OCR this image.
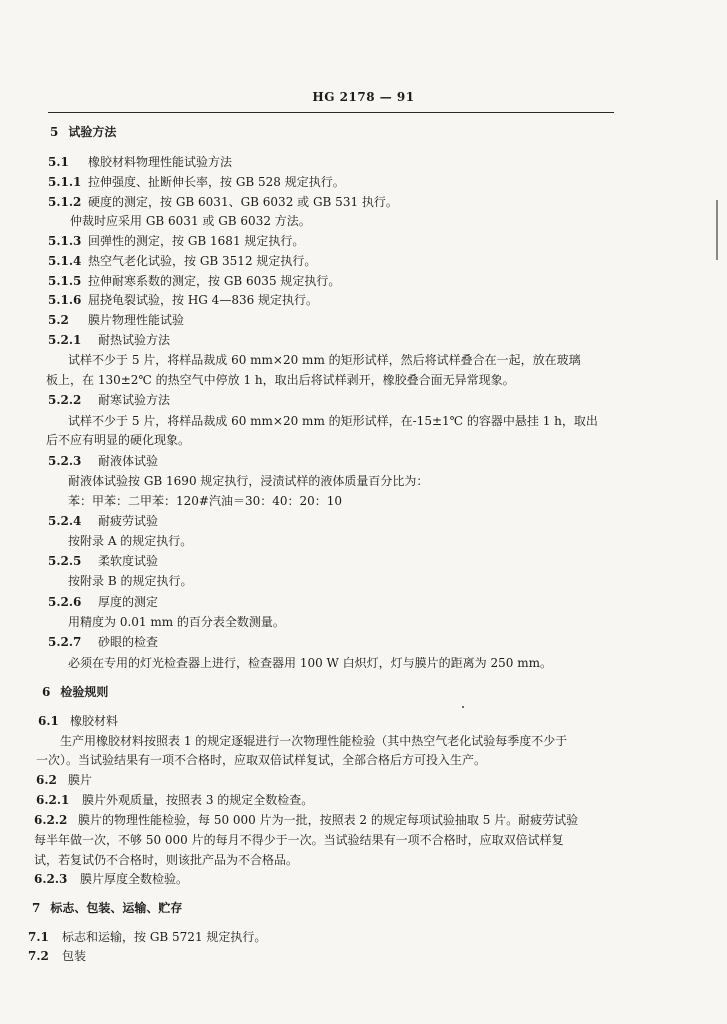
HG 2178 — 91
5 试验方法
5.1 橡胶材料物理性能试验方法
5.1.1 拉伸强度、扯断伸长率，按 GB 528 规定执行。
5.1.2 硬度的测定，按 GB 6031、GB 6032 或 GB 531 执行。
仲裁时应采用 GB 6031 或 GB 6032 方法。
5.1.3 回弹性的测定，按 GB 1681 规定执行。
5.1.4 热空气老化试验，按 GB 3512 规定执行。
5.1.5 拉伸耐寒系数的测定，按 GB 6035 规定执行。
5.1.6 屈挠龟裂试验，按 HG 4—836 规定执行。
5.2 膜片物理性能试验
5.2.1 耐热试验方法
试样不少于 5 片，将样品裁成 60 mm×20 mm 的矩形试样，然后将试样叠合在一起，放在玻璃
板上，在 130±2℃ 的热空气中停放 1 h，取出后将试样剥开，橡胶叠合面无异常现象。
5.2.2 耐寒试验方法
试样不少于 5 片，将样品裁成 60 mm×20 mm 的矩形试样，在-15±1℃ 的容器中悬挂 1 h，取出
后不应有明显的硬化现象。
5.2.3 耐液体试验
耐液体试验按 GB 1690 规定执行，浸渍试样的液体质量百分比为：
苯：甲苯：二甲苯：120#汽油＝30：40：20：10
5.2.4 耐疲劳试验
按附录 A 的规定执行。
5.2.5 柔软度试验
按附录 B 的规定执行。
5.2.6 厚度的测定
用精度为 0.01 mm 的百分表全数测量。
5.2.7 砂眼的检查
必须在专用的灯光检查器上进行，检查器用 100 W 白炽灯，灯与膜片的距离为 250 mm。
6 检验规则
6.1 橡胶材料
生产用橡胶材料按照表 1 的规定逐辊进行一次物理性能检验（其中热空气老化试验每季度不少于
一次）。当试验结果有一项不合格时，应取双倍试样复试，全部合格后方可投入生产。
6.2 膜片
6.2.1 膜片外观质量，按照表 3 的规定全数检查。
6.2.2 膜片的物理性能检验，每 50 000 片为一批，按照表 2 的规定每项试验抽取 5 片。耐疲劳试验
每半年做一次，不够 50 000 片的每月不得少于一次。当试验结果有一项不合格时，应取双倍试样复
试，若复试仍不合格时，则该批产品为不合格品。
6.2.3 膜片厚度全数检验。
7 标志、包装、运输、贮存
7.1 标志和运输，按 GB 5721 规定执行。
7.2 包装
